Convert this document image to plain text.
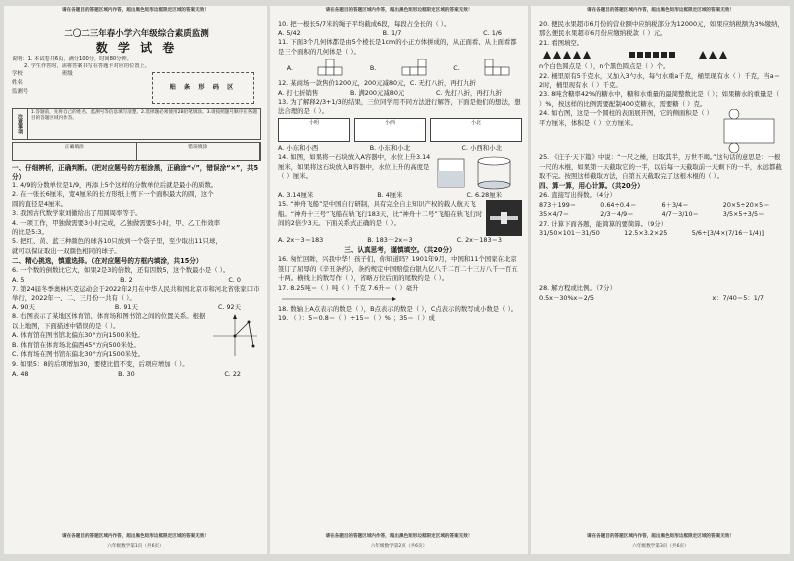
请在各题目的答题区域内作答，超出黑色矩形边框限定区域的答案无效！
二〇二三年春小学六年级综合素质监测
数 学 试 卷
说明：1. 本试卷共6页，满分100分，时间80分钟。
2. 学生作答时，需将答案书写在答题卡对应的位置上。
学校	班级
姓名
监测号
贴 条 形 码 区
注意事项
1.答题前，先将自己的姓名、监测号等信息填写清楚。2.选择题必须使用2B铅笔填涂。3.请按照题号顺序在各题目的答题区域内作答。
正确填涂	错误填涂
一、仔细辨析，正确判断。（把对应题号的方框涂黑，正确涂“√”，错误涂“×”，共5分）
1. 4/9的分数单位是1/9，再添上5个这样的分数单位后就是最小的质数。
2. 在一张长6厘米，宽4厘米的长方形纸上剪下一个面积最大的圆，这个
圆的直径是4厘米。
3. 我国古代数学家刘徽给出了用圆周率等于。
4. 一项工作，甲独做需要3小时完成，乙独做需要5小时，甲、乙工作效率
的比是5:3。
5. 把红、黄、蓝三种颜色的球各10只放到一个袋子里，至少取出11只球，
就可以保证取出一双颜色相同的球子。
二、精心挑选，慎重选择。（在对应题号的方框内填涂，共15分）
6. 一个数的倒数比它大，如果2是3的倍数，还有因数5，这个数最小是（ ）。
A. 5	B. 2	C. 0
7. 第24届冬季奥林匹克运动会于2022年2月在中华人民共和国北京市和河北省张家口市举行，2022年一、二、三月份一共有（ ）。
A. 90天	B. 91天	C. 92天
8. 右图表示了某地区体育馆、体育场和图书馆之间的位置关系。根据以上地图，下面描述中错误的是（ ）。
A. 体育馆在图书馆北偏东30°方向1500米处。
B. 体育馆在体育场北偏西45°方向500米处。
C. 体育场在图书馆东偏北30°方向1500米处。
9. 如果5：8的后项增加30，要使比值不变，后项应增加（ ）。
A. 48	B. 30	C. 22
请在各题目的答题区域内作答，超出黑色矩形边框限定区域的答案无效！
六年级数学第1页（共6页）
请在各题目的答题区域内作答，超出黑色矩形边框限定区域的答案无效！
10. 把一根长5/7米的绳子平均截成6段，每段占全长的（ ）。
A. 5/42	B. 1/7	C. 1/6
11. 下面3个几何体都是由5个棱长是1cm的小正方体拼成的，从正面看、从上面看都是三个面积的几何体是（ ）。
A.	B.	C.
12. 某商场一款售价1200元，200元减80元，C. 无打八折，再打九折
A. 打七折销售	B. 满200元减80元	C. 先打八折，再打九折
13. 为了解释2/3+1/3的结果，三位同学用不同方法进行解答，下面是他们的想法，想法合理的是（ ）。
小明	小西	小北
A. 小东和小西	B. 小东和小北	C. 小西和小北
14. 如图，如果将一石块放入A容器中，水位上升3.14厘米，如果将这石块放入B容器中，水位上升的高度是（ ）厘米。
A. 3.14厘米	B. 4厘米	C. 6.28厘米
15. “神舟飞船”是中国自行研制，具有完全自主知识产权的载人航天飞船。“神舟十三号”飞船在轨飞行183天，比“神舟十二号”飞船在轨飞行时间的2倍少3天。下面关系式正确的是（ ）。
A. 2x－3＝183	B. 183－2x＝3	C. 2x－183＝3
三、认真思考，谨慎填空。（共20分）
16. 匆忙回眸，兴我中华！孩子们，你知道吗？1901年9月，中国和11个国家在北京签订了屈辱的《辛丑条约》，条约规定中国赔偿白银九亿八千二百二十三万八千一百五十两。横线上的数写作（ ），省略万位后面的尾数约是（ ）。
17. 8.25吨＝（ ）吨（ ）千克 7.6升＝（ ）毫升
18. 数轴上A点表示的数是（ ），B点表示的数是（ ），C点表示的数写成小数是（ ）。
19. （ ）：5＝0.8＝（ ）÷15＝（ ）% ；35＝（ ）成
请在各题目的答题区域内作答，超出黑色矩形边框限定区域的答案无效！
六年级数学第2页（共6页）
请在各题目的答题区域内作答，超出黑色矩形边框限定区域的答案无效！
20. 便民水果超市6月份的营业额中应纳税部分为12000元，如果应纳税额为3%缴纳，那么便民水果超市6月份应缴纳税款（ ）元。
21. 看图填空。
n个白色圆点是（ ），n个黑色圆点是（ ）个。
22. 桶里原有5千克水，又加入3勺水，每勺水重a千克，桶里现有水（ ）千克，当a＝2时，桶里现有水（ ）千克。
23. 8吨含糖率42%的糖水中，糖和水重量的最简整数比是（ ）；如果糖水的重量是（ ）%，按这样的比例需要配制400克糖水，需要糖（ ）克。
24. 如右图，这是一个圆柱的表面展开图，它的侧面积是（ ）平方厘米，体积是（ ）立方厘米。
25. 《庄子·天下篇》中说：“一尺之棰，日取其半，万世不竭。”这句话的意思是：一根一尺的木棍，如果第一天截取它的一半，以后每一天截取前一天剩下的一半，永远都截取不完。按照这样截取方法，自第五天截取完了这根木棍的（ ）。
四、算一算，用心计算。（共20分）
26. 直接写出得数。（4分）
873＋199＝	0.64÷0.4＝	6＋3/4＝	20×5÷20×5＝
35×4/7＝	2/3－4/9＝	4/7－3/10＝	3/5×5÷3/5＝
27. 计算下面各题，能简算的要简算。（9分）
31/50×101－31/50	12.5×3.2×25	5/6÷[3/4×(7/16－1/4)]
28. 解方程或比例。（7分）
0.5x－30%x＝2/5	x：7/40＝5：1/7
请在各题目的答题区域内作答，超出黑色矩形边框限定区域的答案无效！
六年级数学第3页（共6页）
